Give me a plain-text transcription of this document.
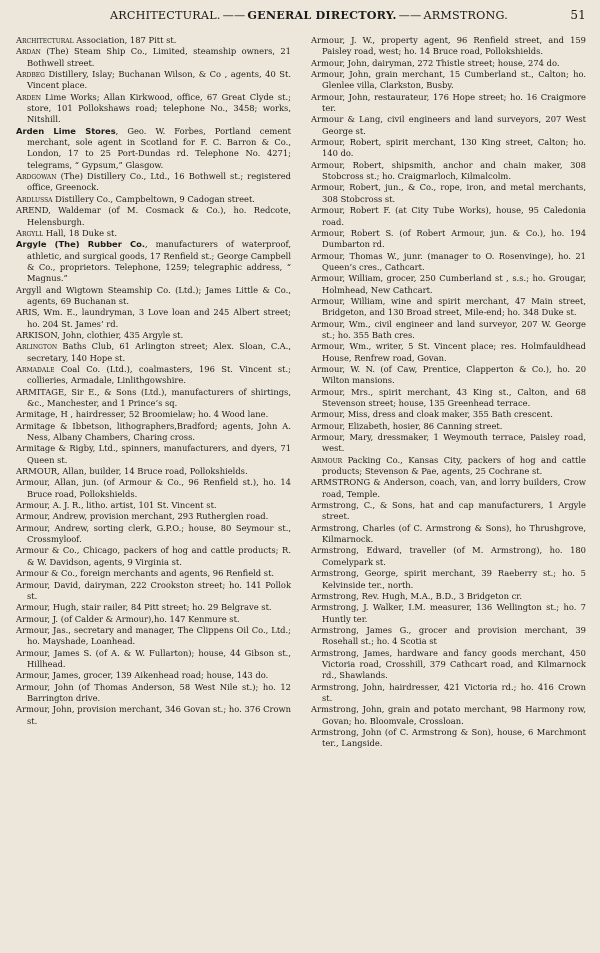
ARCHITECTURAL. —— GENERAL DIRECTORY. —— ARMSTRONG.	51

Architectural Association, 187 Pitt st.

Ardan (The) Steam Ship Co., Limited, steamship owners, 21 Bothwell street.

Ardbeg Distillery, Islay; Buchanan Wilson, & Co , agents, 40 St. Vincent place.

Arden Lime Works; Allan Kirkwood, office, 67 Great Clyde st.; store, 101 Pollokshaws road; telephone No., 3458; works, Nitshill.

Arden Lime Stores, Geo. W. Forbes, Portland cement merchant, sole agent in Scotland for F. C. Barron & Co., London, 17 to 25 Port-Dundas rd. Telephone No. 4271; telegrams, “ Gypsum,” Glasgow.

Ardgowan (The) Distillery Co., Ltd., 16 Bothwell st.; registered office, Greenock.

Ardlussa Distillery Co., Campbeltown, 9 Cadogan street.

AREND, Waldemar (of M. Cosmack & Co.), ho. Redcote, Helensburgh.

Argyll Hall, 18 Duke st.

Argyle (The) Rubber Co., manufacturers of waterproof, athletic, and surgical goods, 17 Renfield st.; George Campbell & Co., proprietors. Telephone, 1259; telegraphic address, “ Magnus.”

Argyll and Wigtown Steamship Co. (Ltd.); James Little & Co., agents, 69 Buchanan st.

ARIS, Wm. E., laundryman, 3 Love loan and 245 Albert street; ho. 204 St. James’ rd.

ARKISON, John, clothier, 435 Argyle st.

Arlington Baths Club, 61 Arlington street; Alex. Sloan, C.A., secretary, 140 Hope st.

Armadale Coal Co. (Ltd.), coalmasters, 196 St. Vincent st.; collieries, Armadale, Linlithgowshire.

ARMITAGE, Sir E., & Sons (Ltd.), manufacturers of shirtings, &c., Manchester, and 1 Prince’s sq.

Armitage, H , hairdresser, 52 Broomielaw; ho. 4 Wood lane.

Armitage & Ibbetson, lithographers,Bradford; agents, John A. Ness, Albany Chambers, Charing cross.

Armitage & Rigby, Ltd., spinners, manufacturers, and dyers, 71 Queen st.

ARMOUR, Allan, builder, 14 Bruce road, Pollokshields.

Armour, Allan, jun. (of Armour & Co., 96 Renfield st.), ho. 14 Bruce road, Pollokshields.

Armour, A. J. R., litho. artist, 101 St. Vincent st.

Armour, Andrew, provision merchant, 293 Rutherglen road.

Armour, Andrew, sorting clerk, G.P.O.; house, 80 Seymour st., Crossmyloof.

Armour & Co., Chicago, packers of hog and cattle products; R. & W. Davidson, agents, 9 Virginia st.

Armour & Co., foreign merchants and agents, 96 Renfield st.

Armour, David, dairyman, 222 Crookston street; ho. 141 Pollok st.

Armour, Hugh, stair railer, 84 Pitt street; ho. 29 Belgrave st.

Armour, J. (of Calder & Armour),ho. 147 Kenmure st.

Armour, Jas., secretary and manager, The Clippens Oil Co., Ltd.; ho. Mayshade, Loanhead.

Armour, James S. (of A. & W. Fullarton); house, 44 Gibson st., Hillhead.

Armour, James, grocer, 139 Aikenhead road; house, 143 do.

Armour, John (of Thomas Anderson, 58 West Nile st.); ho. 12 Barrington drive.

Armour, John, provision merchant, 346 Govan st.; ho. 376 Crown st.

Armour, J. W., property agent, 96 Renfield street, and 159 Paisley road, west; ho. 14 Bruce road, Pollokshields.

Armour, John, dairyman, 272 Thistle street; house, 274 do.

Armour, John, grain merchant, 15 Cumberland st., Calton; ho. Glenlee villa, Clarkston, Busby.

Armour, John, restaurateur, 176 Hope street; ho. 16 Craigmore ter.

Armour & Lang, civil engineers and land surveyors, 207 West George st.

Armour, Robert, spirit merchant, 130 King street, Calton; ho. 140 do.

Armour, Robert, shipsmith, anchor and chain maker, 308 Stobcross st.; ho. Craigmarloch, Kilmalcolm.

Armour, Robert, jun., & Co., rope, iron, and metal merchants, 308 Stobcross st.

Armour, Robert F. (at City Tube Works), house, 95 Caledonia road.

Armour, Robert S. (of Robert Armour, jun. & Co.), ho. 194 Dumbarton rd.

Armour, Thomas W., junr. (manager to O. Rosenvinge), ho. 21 Queen’s cres., Cathcart.

Armour, William, grocer, 250 Cumberland st , s.s.; ho. Grougar, Holmhead, New Cathcart.

Armour, William, wine and spirit merchant, 47 Main street, Bridgeton, and 130 Broad street, Mile-end; ho. 348 Duke st.

Armour, Wm., civil engineer and land surveyor, 207 W. George st.; ho. 355 Bath cres.

Armour, Wm., writer, 5 St. Vincent place; res. Holmfauldhead House, Renfrew road, Govan.

Armour, W. N. (of Caw, Prentice, Clapperton & Co.), ho. 20 Wilton mansions.

Armour, Mrs., spirit merchant, 43 King st., Calton, and 68 Stevenson street; house, 135 Greenhead terrace.

Armour, Miss, dress and cloak maker, 355 Bath crescent.

Armour, Elizabeth, hosier, 86 Canning street.

Armour, Mary, dressmaker, 1 Weymouth terrace, Paisley road, west.

Armour Packing Co., Kansas City, packers of hog and cattle products; Stevenson & Pae, agents, 25 Cochrane st.

ARMSTRONG & Anderson, coach, van, and lorry builders, Crow road, Temple.

Armstrong, C., & Sons, hat and cap manufacturers, 1 Argyle street.

Armstrong, Charles (of C. Armstrong & Sons), ho Thrushgrove, Kilmarnock.

Armstrong, Edward, traveller (of M. Armstrong), ho. 180 Comelypark st.

Armstrong, George, spirit merchant, 39 Raeberry st.; ho. 5 Kelvinside ter., north.

Armstrong, Rev. Hugh, M.A., B.D., 3 Bridgeton cr.

Armstrong, J. Walker, I.M. measurer, 136 Wellington st.; ho. 7 Huntly ter.

Armstrong, James G., grocer and provision merchant, 39 Rosehall st.; ho. 4 Scotia st

Armstrong, James, hardware and fancy goods merchant, 450 Victoria road, Crosshill, 379 Cathcart road, and Kilmarnock rd., Shawlands.

Armstrong, John, hairdresser, 421 Victoria rd.; ho. 416 Crown st.

Armstrong, John, grain and potato merchant, 98 Harmony row, Govan; ho. Bloomvale, Crossloan.

Armstrong, John (of C. Armstrong & Son), house, 6 Marchmont ter., Langside.
